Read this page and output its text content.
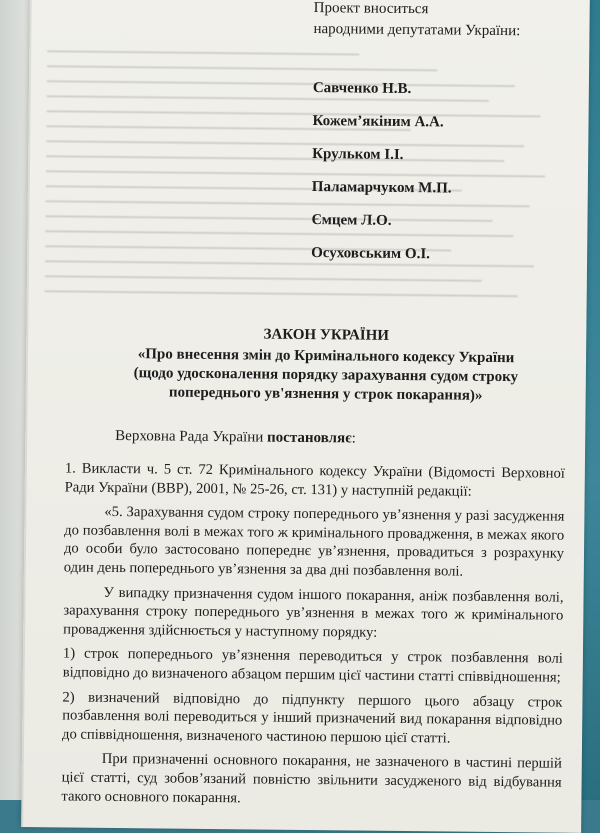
Проект вноситься
народними депутатами України:
Савченко Н.В.
Кожем’якіним А.А.
Крульком І.І.
Паламарчуком М.П.
Ємцем Л.О.
Осуховським О.І.
ЗАКОН УКРАЇНИ
«Про внесення змін до Кримінального кодексу України
(щодо удосконалення порядку зарахування судом строку попереднього ув'язнення у строк покарання)»
Верховна Рада України постановляє:

1. Викласти ч. 5 ст. 72 Кримінального кодексу України (Відомості Верховної Ради України (ВВР), 2001, № 25-26, ст. 131) у наступній редакції:

«5. Зарахування судом строку попереднього ув’язнення у разі засудження до позбавлення волі в межах того ж кримінального провадження, в межах якого до особи було застосовано попереднє ув’язнення, провадиться з розрахунку один день попереднього ув’язнення за два дні позбавлення волі.

У випадку призначення судом іншого покарання, аніж позбавлення волі, зарахування строку попереднього ув’язнення в межах того ж кримінального провадження здійснюється у наступному порядку:

1) строк попереднього ув’язнення переводиться у строк позбавлення волі відповідно до визначеного абзацом першим цієї частини статті співвідношення;

2) визначений відповідно до підпункту першого цього абзацу строк позбавлення волі переводиться у інший призначений вид покарання відповідно до співвідношення, визначеного частиною першою цієї статті.

При призначенні основного покарання, не зазначеного в частині першій цієї статті, суд зобов’язаний повністю звільнити засудженого від відбування такого основного покарання.
